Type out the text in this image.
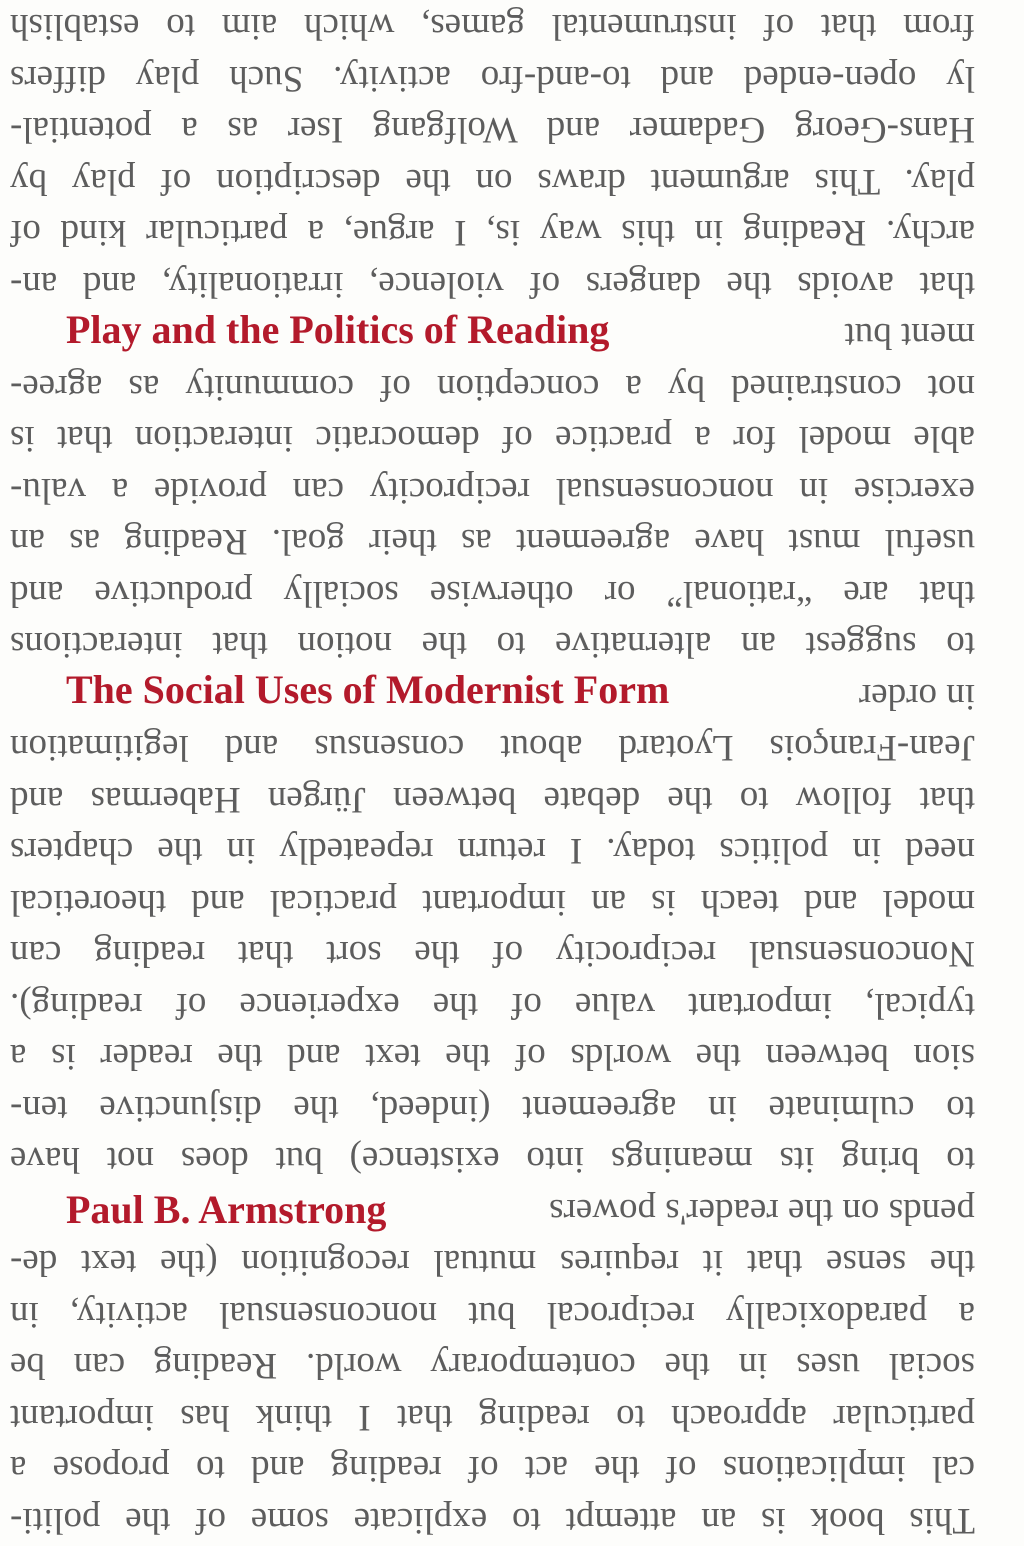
This book is an attempt to explicate some of the politi-
cal implications of the act of reading and to propose a
particular approach to reading that I think has important
social uses in the contemporary world. Reading can be
a paradoxically reciprocal but nonconsensual activity, in
the sense that it requires mutual recognition (the text de-
pends on the reader's powers
to bring its meanings into existence) but does not have
to culminate in agreement (indeed, the disjunctive ten-
sion between the worlds of the text and the reader is a
typical, important value of the experience of reading).
Nonconsensual reciprocity of the sort that reading can
model and teach is an important practical and theoretical
need in politics today. I return repeatedly in the chapters
that follow to the debate between Jürgen Habermas and
Jean-François Lyotard about consensus and legitimation
in order
to suggest an alternative to the notion that interactions
that are “rational” or otherwise socially productive and
useful must have agreement as their goal. Reading as an
exercise in nonconsensual reciprocity can provide a valu-
able model for a practice of democratic interaction that is
not constrained by a conception of community as agree-
ment but
that avoids the dangers of violence, irrationality, and an-
archy. Reading in this way is, I argue, a particular kind of
play. This argument draws on the description of play by
Hans-Georg Gadamer and Wolfgang Iser as a potential-
ly open-ended and to-and-fro activity. Such play differs
from that of instrumental games, which aim to establish
Play and the Politics of Reading
The Social Uses of Modernist Form
Paul B. Armstrong
